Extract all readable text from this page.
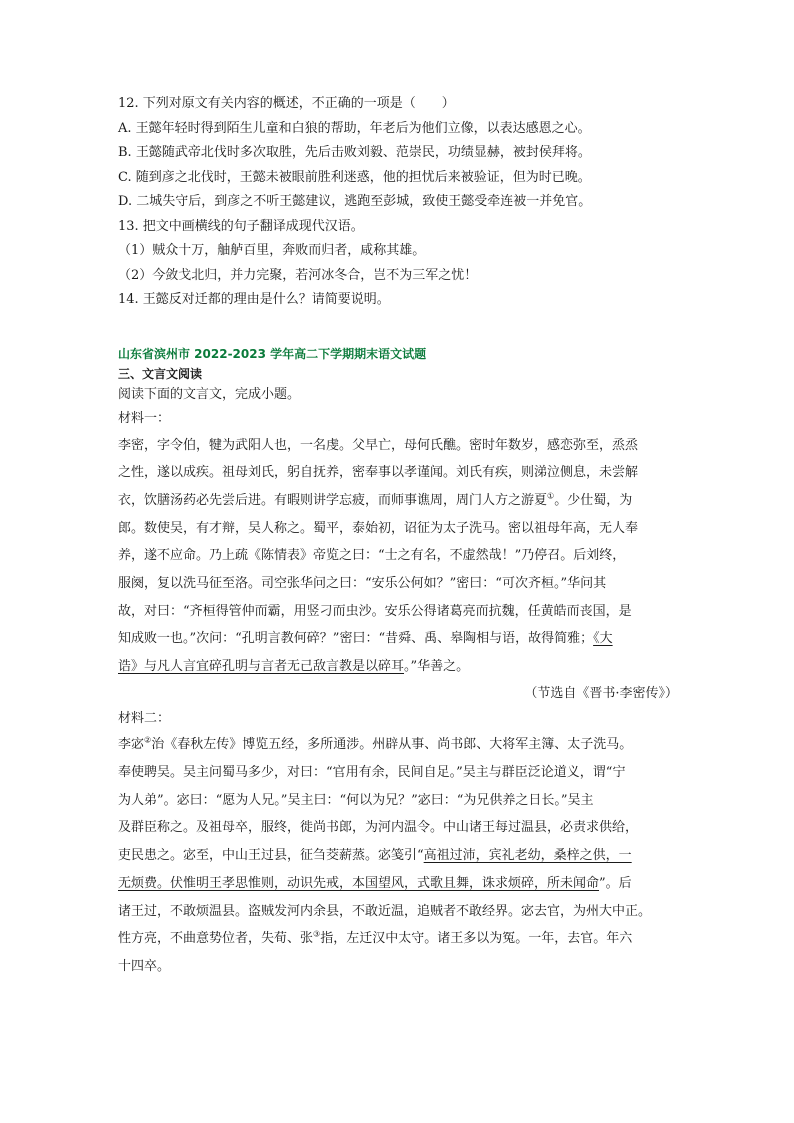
12. 下列对原文有关内容的概述，不正确的一项是（　　）
A. 王懿年轻时得到陌生儿童和白狼的帮助，年老后为他们立像，以表达感恩之心。
B. 王懿随武帝北伐时多次取胜，先后击败刘毅、范崇民，功绩显赫，被封侯拜将。
C. 随到彦之北伐时，王懿未被眼前胜利迷惑，他的担忧后来被验证，但为时已晚。
D. 二城失守后，到彦之不听王懿建议，逃跑至彭城，致使王懿受牵连被一并免官。
13. 把文中画横线的句子翻译成现代汉语。
（1）贼众十万，舳舻百里，奔败而归者，咸称其雄。
（2）今敛戈北归，并力完聚，若河冰冬合，岂不为三军之忧！
14. 王懿反对迁都的理由是什么？请简要说明。
山东省滨州市 2022-2023 学年高二下学期期末语文试题
三、文言文阅读
阅读下面的文言文，完成小题。
材料一：
李密，字令伯，犍为武阳人也，一名虔。父早亡，母何氏醮。密时年数岁，感恋弥至，烝烝
之性，遂以成疾。祖母刘氏，躬自抚养，密奉事以孝谨闻。刘氏有疾，则涕泣侧息，未尝解
衣，饮膳汤药必先尝后进。有暇则讲学忘疲，而师事谯周，周门人方之游夏①。少仕蜀，为
郎。数使吴，有才辩，吴人称之。蜀平，泰始初，诏征为太子洗马。密以祖母年高，无人奉
养，遂不应命。乃上疏《陈情表》帝览之曰：“士之有名，不虚然哉！”乃停召。后刘终，
服阕，复以洗马征至洛。司空张华问之曰：“安乐公何如？”密曰：“可次齐桓。”华问其
故，对曰：“齐桓得管仲而霸，用竖刁而虫沙。安乐公得诸葛亮而抗魏，任黄皓而丧国，是
知成败一也。”次问：“孔明言教何碎？”密曰：“昔舜、禹、皋陶相与语，故得简雅；《大
诰》与凡人言宜碎孔明与言者无己敌言教是以碎耳。”华善之。
（节选自《晋书·李密传》）
材料二：
李宓②治《春秋左传》博览五经，多所通涉。州辟从事、尚书郎、大将军主簿、太子洗马。
奉使聘吴。吴主问蜀马多少，对曰：“官用有余，民间自足。”吴主与群臣泛论道义，谓“宁
为人弟”。宓曰：“愿为人兄。”吴主曰：“何以为兄？”宓曰：“为兄供养之日长。”吴主
及群臣称之。及祖母卒，服终，徙尚书郎，为河内温令。中山诸王每过温县，必责求供给，
吏民患之。宓至，中山王过县，征刍茭薪蒸。宓笺引“高祖过沛，宾礼老幼，桑梓之供，一
无烦费。伏惟明王孝思惟则，动识先戒，本国望风，式歌且舞，诛求烦碎，所未闻命”。后
诸王过，不敢烦温县。盗贼发河内余县，不敢近温，追贼者不敢经界。宓去官，为州大中正。
性方亮，不曲意势位者，失荀、张③指，左迁汉中太守。诸王多以为冤。一年，去官。年六
十四卒。
